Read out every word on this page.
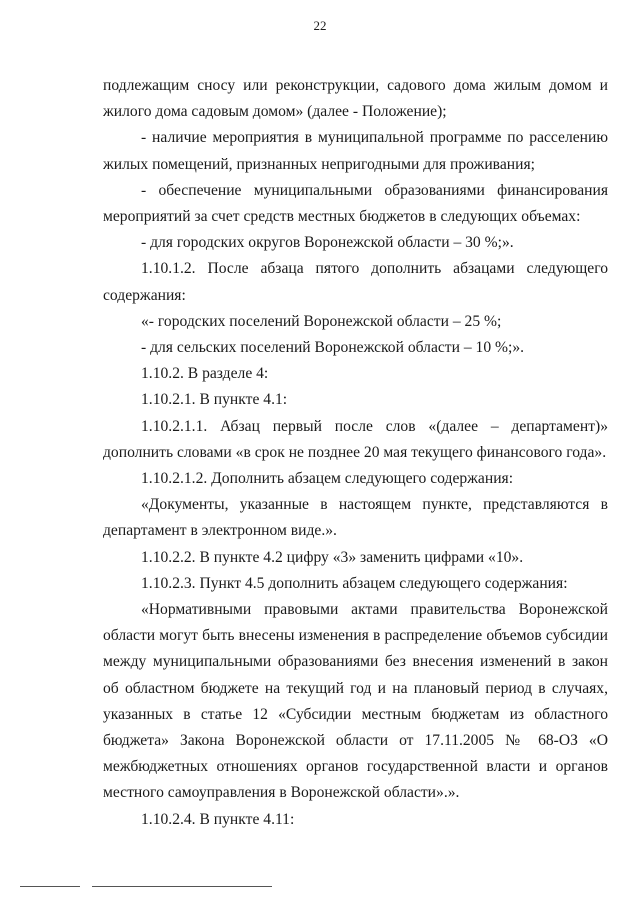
22

подлежащим сносу или реконструкции, садового дома жилым домом и жилого дома садовым домом» (далее - Положение);

- наличие мероприятия в муниципальной программе по расселению жилых помещений, признанных непригодными для проживания;

- обеспечение муниципальными образованиями финансирования мероприятий за счет средств местных бюджетов в следующих объемах:

- для городских округов Воронежской области – 30 %;».

1.10.1.2. После абзаца пятого дополнить абзацами следующего содержания:

«- городских поселений Воронежской области – 25 %;

- для сельских поселений Воронежской области – 10 %;».

1.10.2. В разделе 4:

1.10.2.1. В пункте 4.1:

1.10.2.1.1. Абзац первый после слов «(далее – департамент)» дополнить словами «в срок не позднее 20 мая текущего финансового года».

1.10.2.1.2. Дополнить абзацем следующего содержания:

«Документы, указанные в настоящем пункте, представляются в департамент в электронном виде.».

1.10.2.2. В пункте 4.2 цифру «3» заменить цифрами «10».

1.10.2.3. Пункт 4.5 дополнить абзацем следующего содержания:

«Нормативными правовыми актами правительства Воронежской области могут быть внесены изменения в распределение объемов субсидии между муниципальными образованиями без внесения изменений в закон об областном бюджете на текущий год и на плановый период в случаях, указанных в статье 12 «Субсидии местным бюджетам из областного бюджета» Закона Воронежской области от 17.11.2005 № 68-ОЗ «О межбюджетных отношениях органов государственной власти и органов местного самоуправления в Воронежской области».».

1.10.2.4. В пункте 4.11:
